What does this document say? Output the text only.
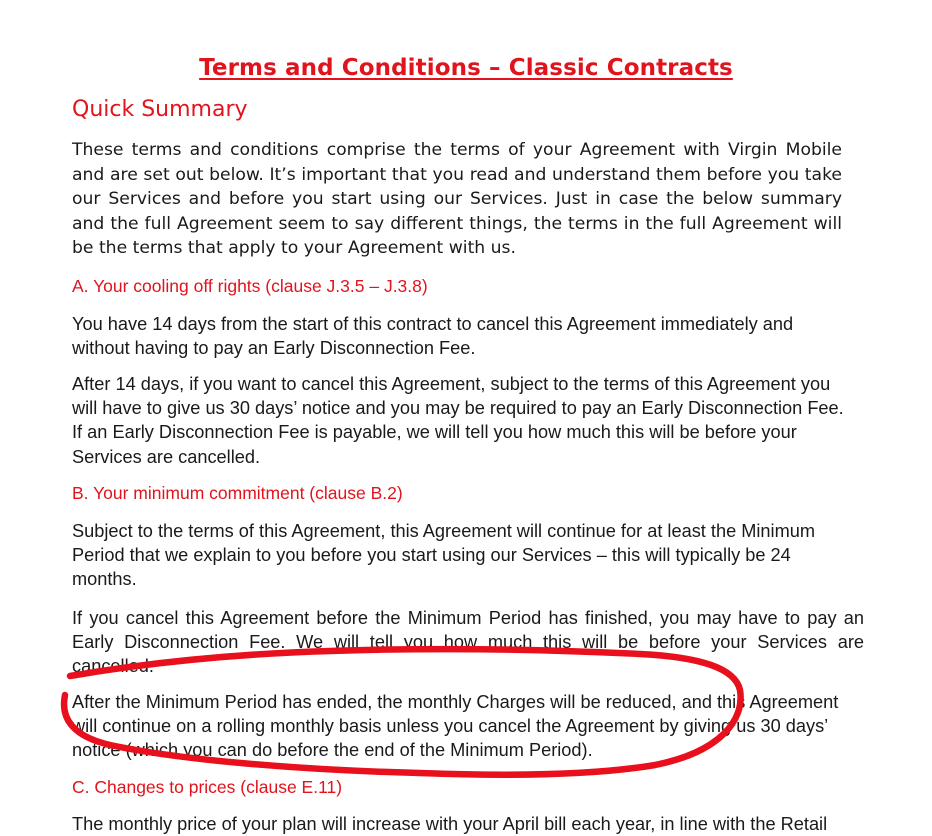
Terms and Conditions – Classic Contracts
Quick Summary
These terms and conditions comprise the terms of your Agreement with Virgin Mobile and are set out below. It’s important that you read and understand them before you take our Services and before you start using our Services. Just in case the below summary and the full Agreement seem to say different things, the terms in the full Agreement will be the terms that apply to your Agreement with us.
A. Your cooling off rights (clause J.3.5 – J.3.8)
You have 14 days from the start of this contract to cancel this Agreement immediately and without having to pay an Early Disconnection Fee.
After 14 days, if you want to cancel this Agreement, subject to the terms of this Agreement you will have to give us 30 days’ notice and you may be required to pay an Early Disconnection Fee. If an Early Disconnection Fee is payable, we will tell you how much this will be before your Services are cancelled.
B. Your minimum commitment (clause B.2)
Subject to the terms of this Agreement, this Agreement will continue for at least the Minimum Period that we explain to you before you start using our Services – this will typically be 24 months.
If you cancel this Agreement before the Minimum Period has finished, you may have to pay an Early Disconnection Fee. We will tell you how much this will be before your Services are cancelled.
After the Minimum Period has ended, the monthly Charges will be reduced, and this Agreement will continue on a rolling monthly basis unless you cancel the Agreement by giving us 30 days’ notice (which you can do before the end of the Minimum Period).
C. Changes to prices (clause E.11)
The monthly price of your plan will increase with your April bill each year, in line with the Retail
